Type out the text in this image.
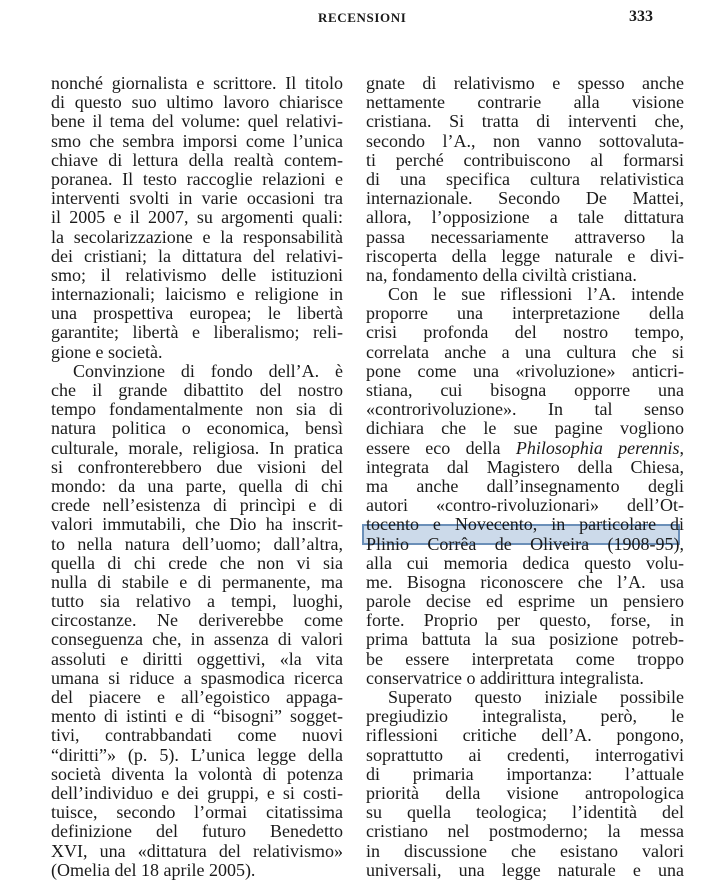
RECENSIONI	333
nonché giornalista e scrittore. Il titolo
di questo suo ultimo lavoro chiarisce
bene il tema del volume: quel relativi-
smo che sembra imporsi come l’unica
chiave di lettura della realtà contem-
poranea. Il testo raccoglie relazioni e
interventi svolti in varie occasioni tra
il 2005 e il 2007, su argomenti quali:
la secolarizzazione e la responsabilità
dei cristiani; la dittatura del relativi-
smo; il relativismo delle istituzioni
internazionali; laicismo e religione in
una prospettiva europea; le libertà
garantite; libertà e liberalismo; reli-
gione e società.
Convinzione di fondo dell’A. è
che il grande dibattito del nostro
tempo fondamentalmente non sia di
natura politica o economica, bensì
culturale, morale, religiosa. In pratica
si confronterebbero due visioni del
mondo: da una parte, quella di chi
crede nell’esistenza di princìpi e di
valori immutabili, che Dio ha inscrit-
to nella natura dell’uomo; dall’altra,
quella di chi crede che non vi sia
nulla di stabile e di permanente, ma
tutto sia relativo a tempi, luoghi,
circostanze. Ne deriverebbe come
conseguenza che, in assenza di valori
assoluti e diritti oggettivi, «la vita
umana si riduce a spasmodica ricerca
del piacere e all’egoistico appaga-
mento di istinti e di “bisogni” sogget-
tivi, contrabbandati come nuovi
“diritti”» (p. 5). L’unica legge della
società diventa la volontà di potenza
dell’individuo e dei gruppi, e si costi-
tuisce, secondo l’ormai citatissima
definizione del futuro Benedetto
XVI, una «dittatura del relativismo»
(Omelia del 18 aprile 2005).
gnate di relativismo e spesso anche
nettamente contrarie alla visione
cristiana. Si tratta di interventi che,
secondo l’A., non vanno sottovaluta-
ti perché contribuiscono al formarsi
di una specifica cultura relativistica
internazionale. Secondo De Mattei,
allora, l’opposizione a tale dittatura
passa necessariamente attraverso la
riscoperta della legge naturale e divi-
na, fondamento della civiltà cristiana.
Con le sue riflessioni l’A. intende
proporre una interpretazione della
crisi profonda del nostro tempo,
correlata anche a una cultura che si
pone come una «rivoluzione» anticri-
stiana, cui bisogna opporre una
«controrivoluzione». In tal senso
dichiara che le sue pagine vogliono
essere eco della Philosophia perennis,
integrata dal Magistero della Chiesa,
ma anche dall’insegnamento degli
autori «contro-rivoluzionari» dell’Ot-
tocento e Novecento, in particolare di
Plinio Corrêa de Oliveira (1908-95),
alla cui memoria dedica questo volu-
me. Bisogna riconoscere che l’A. usa
parole decise ed esprime un pensiero
forte. Proprio per questo, forse, in
prima battuta la sua posizione potreb-
be essere interpretata come troppo
conservatrice o addirittura integralista.
Superato questo iniziale possibile
pregiudizio integralista, però, le
riflessioni critiche dell’A. pongono,
soprattutto ai credenti, interrogativi
di primaria importanza: l’attuale
priorità della visione antropologica
su quella teologica; l’identità del
cristiano nel postmoderno; la messa
in discussione che esistano valori
universali, una legge naturale e una
